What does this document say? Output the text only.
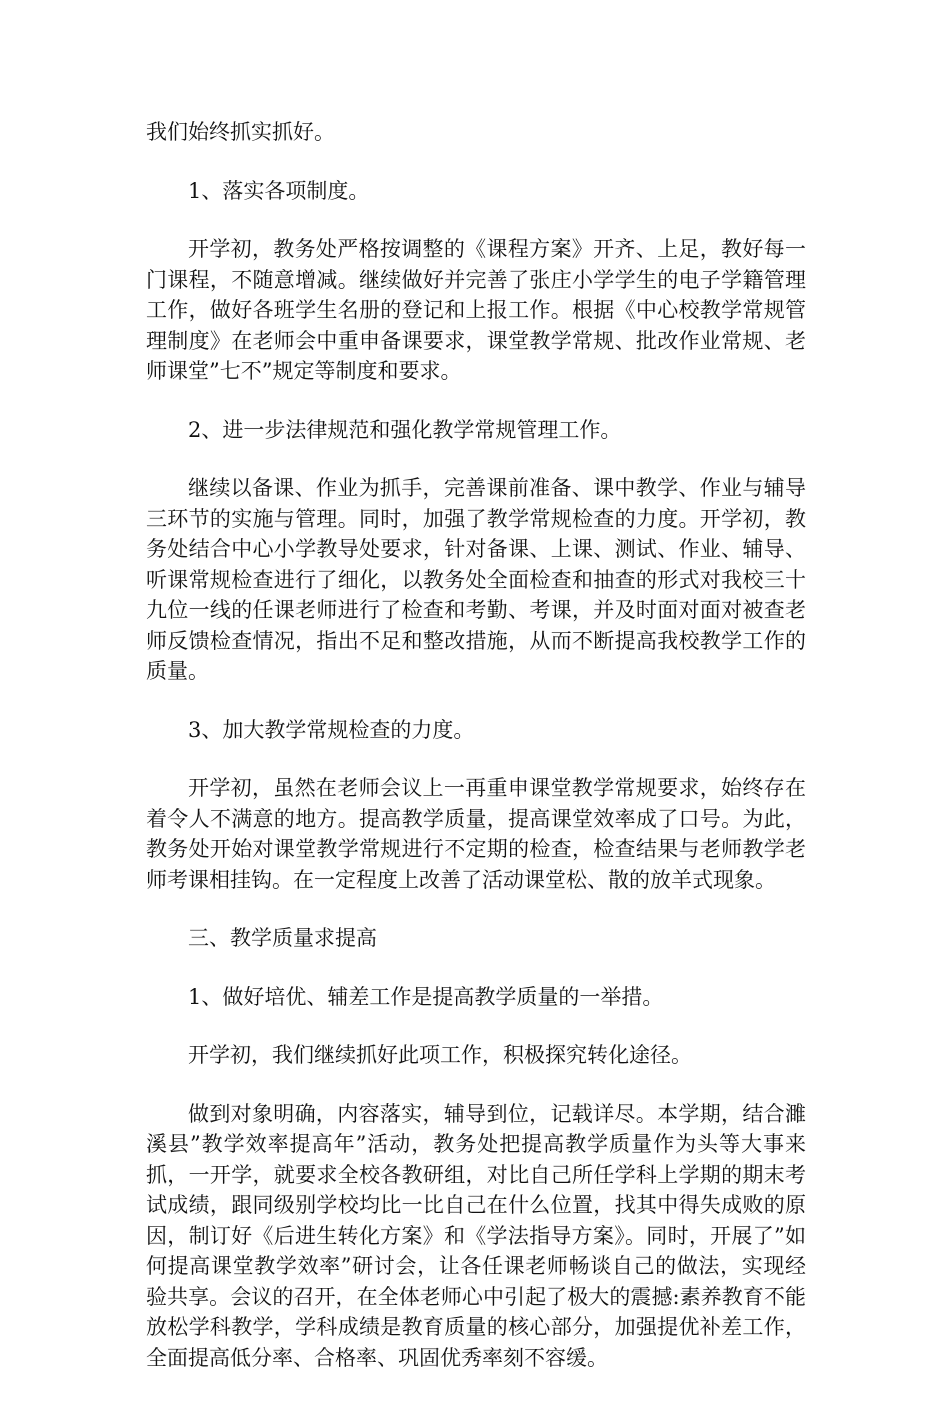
我们始终抓实抓好。

1、落实各项制度。

开学初，教务处严格按调整的《课程方案》开齐、上足，教好每一门课程，不随意增减。继续做好并完善了张庄小学学生的电子学籍管理工作，做好各班学生名册的登记和上报工作。根据《中心校教学常规管理制度》在老师会中重申备课要求，课堂教学常规、批改作业常规、老师课堂”七不”规定等制度和要求。

2、进一步法律规范和强化教学常规管理工作。

继续以备课、作业为抓手，完善课前准备、课中教学、作业与辅导三环节的实施与管理。同时，加强了教学常规检查的力度。开学初，教务处结合中心小学教导处要求，针对备课、上课、测试、作业、辅导、听课常规检查进行了细化，以教务处全面检查和抽查的形式对我校三十九位一线的任课老师进行了检查和考勤、考课，并及时面对面对被查老师反馈检查情况，指出不足和整改措施，从而不断提高我校教学工作的质量。

3、加大教学常规检查的力度。

开学初，虽然在老师会议上一再重申课堂教学常规要求，始终存在着令人不满意的地方。提高教学质量，提高课堂效率成了口号。为此，教务处开始对课堂教学常规进行不定期的检查，检查结果与老师教学老师考课相挂钩。在一定程度上改善了活动课堂松、散的放羊式现象。

三、教学质量求提高

1、做好培优、辅差工作是提高教学质量的一举措。

开学初，我们继续抓好此项工作，积极探究转化途径。

做到对象明确，内容落实，辅导到位，记载详尽。本学期，结合濉溪县”教学效率提高年”活动，教务处把提高教学质量作为头等大事来抓，一开学，就要求全校各教研组，对比自己所任学科上学期的期末考试成绩，跟同级别学校均比一比自己在什么位置，找其中得失成败的原因，制订好《后进生转化方案》和《学法指导方案》。同时，开展了”如何提高课堂教学效率”研讨会，让各任课老师畅谈自己的做法，实现经验共享。会议的召开，在全体老师心中引起了极大的震撼:素养教育不能放松学科教学，学科成绩是教育质量的核心部分，加强提优补差工作，全面提高低分率、合格率、巩固优秀率刻不容缓。
